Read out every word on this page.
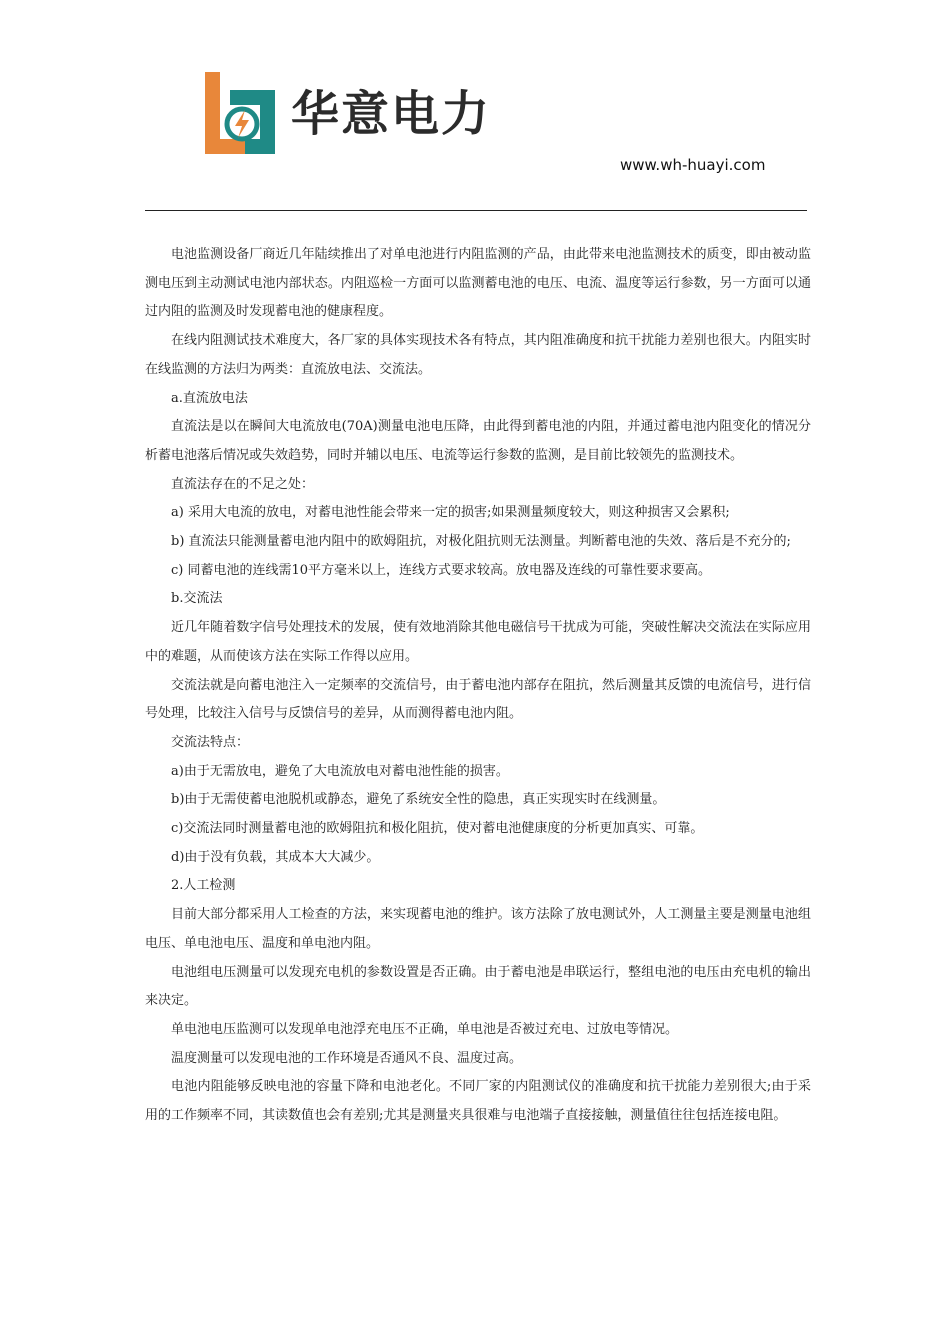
华意电力
www.wh-huayi.com

电池监测设备厂商近几年陆续推出了对单电池进行内阻监测的产品，由此带来电池监测技术的质变，即由被动监测电压到主动测试电池内部状态。内阻巡检一方面可以监测蓄电池的电压、电流、温度等运行参数，另一方面可以通过内阻的监测及时发现蓄电池的健康程度。

在线内阻测试技术难度大，各厂家的具体实现技术各有特点，其内阻准确度和抗干扰能力差别也很大。内阻实时在线监测的方法归为两类：直流放电法、交流法。

a.直流放电法

直流法是以在瞬间大电流放电(70A)测量电池电压降，由此得到蓄电池的内阻，并通过蓄电池内阻变化的情况分析蓄电池落后情况或失效趋势，同时并辅以电压、电流等运行参数的监测，是目前比较领先的监测技术。

直流法存在的不足之处：

a) 采用大电流的放电，对蓄电池性能会带来一定的损害;如果测量频度较大，则这种损害又会累积;

b) 直流法只能测量蓄电池内阻中的欧姆阻抗，对极化阻抗则无法测量。判断蓄电池的失效、落后是不充分的;

c) 同蓄电池的连线需10平方毫米以上，连线方式要求较高。放电器及连线的可靠性要求要高。

b.交流法

近几年随着数字信号处理技术的发展，使有效地消除其他电磁信号干扰成为可能，突破性解决交流法在实际应用中的难题，从而使该方法在实际工作得以应用。

交流法就是向蓄电池注入一定频率的交流信号，由于蓄电池内部存在阻抗，然后测量其反馈的电流信号，进行信号处理，比较注入信号与反馈信号的差异，从而测得蓄电池内阻。

交流法特点：

a)由于无需放电，避免了大电流放电对蓄电池性能的损害。

b)由于无需使蓄电池脱机或静态，避免了系统安全性的隐患，真正实现实时在线测量。

c)交流法同时测量蓄电池的欧姆阻抗和极化阻抗，使对蓄电池健康度的分析更加真实、可靠。

d)由于没有负载，其成本大大减少。

2.人工检测

目前大部分都采用人工检查的方法，来实现蓄电池的维护。该方法除了放电测试外，人工测量主要是测量电池组电压、单电池电压、温度和单电池内阻。

电池组电压测量可以发现充电机的参数设置是否正确。由于蓄电池是串联运行，整组电池的电压由充电机的输出来决定。

单电池电压监测可以发现单电池浮充电压不正确，单电池是否被过充电、过放电等情况。

温度测量可以发现电池的工作环境是否通风不良、温度过高。

电池内阻能够反映电池的容量下降和电池老化。不同厂家的内阻测试仪的准确度和抗干扰能力差别很大;由于采用的工作频率不同，其读数值也会有差别;尤其是测量夹具很难与电池端子直接接触，测量值往往包括连接电阻。
